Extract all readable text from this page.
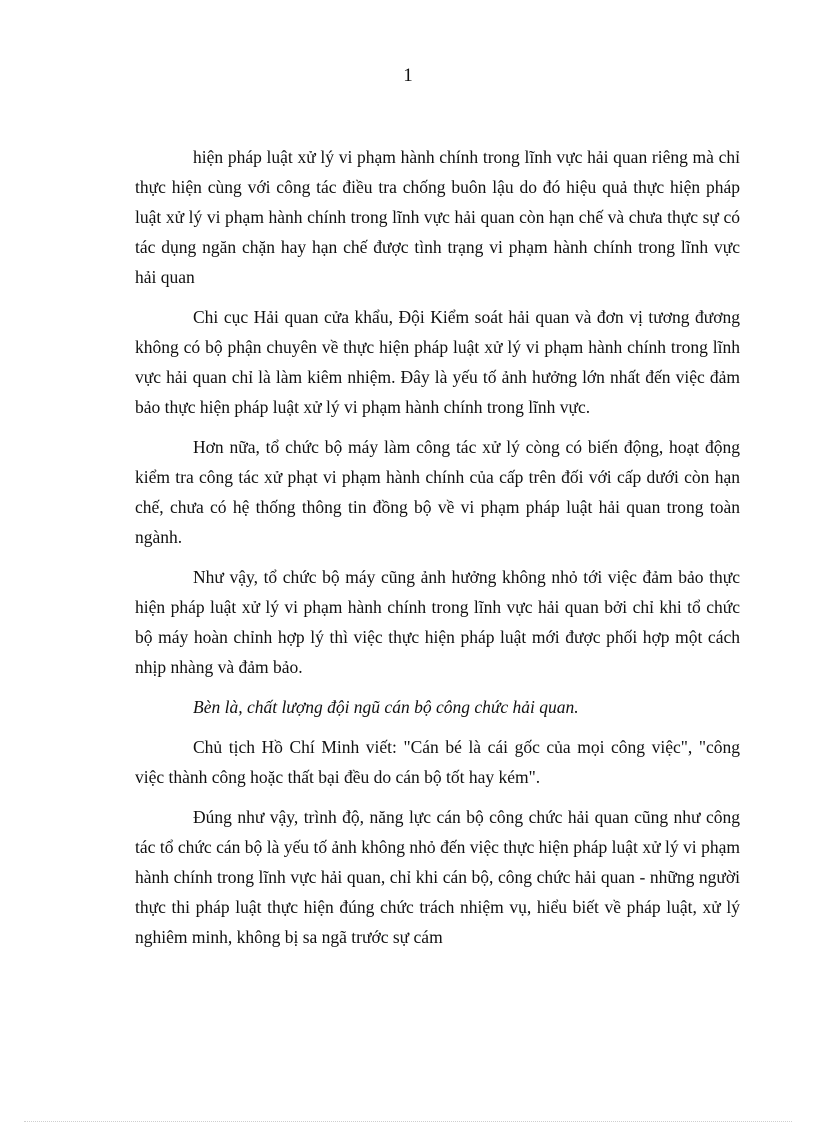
1

hiện pháp luật xử lý vi phạm hành chính trong lĩnh vực hải quan riêng mà chỉ thực hiện cùng với công tác điều tra chống buôn lậu do đó hiệu quả thực hiện pháp luật xử lý vi phạm hành chính trong lĩnh vực hải quan còn hạn chế và chưa thực sự có tác dụng ngăn chặn hay hạn chế được tình trạng vi phạm hành chính trong lĩnh vực hải quan

Chi cục Hải quan cửa khẩu, Đội Kiểm soát hải quan và đơn vị tương đương không có bộ phận chuyên về thực hiện pháp luật xử lý vi phạm hành chính trong lĩnh vực hải quan chỉ là làm kiêm nhiệm. Đây là yếu tố ảnh hưởng lớn nhất đến việc đảm bảo thực hiện pháp luật xử lý vi phạm hành chính trong lĩnh vực.

Hơn nữa, tổ chức bộ máy làm công tác xử lý còng có biến động, hoạt động kiểm tra công tác xử phạt vi phạm hành chính của cấp trên đối với cấp dưới còn hạn chế, chưa có hệ thống thông tin đồng bộ về vi phạm pháp luật hải quan trong toàn ngành.

Như vậy, tổ chức bộ máy cũng ảnh hưởng không nhỏ tới việc đảm bảo thực hiện pháp luật xử lý vi phạm hành chính trong lĩnh vực hải quan bởi chỉ khi tổ chức bộ máy hoàn chỉnh hợp lý thì việc thực hiện pháp luật mới được phối hợp một cách nhịp nhàng và đảm bảo.

Bèn là, chất lượng đội ngũ cán bộ công chức hải quan.

Chủ tịch Hồ Chí Minh viết: "Cán bé là cái gốc của mọi công việc", "công việc thành công hoặc thất bại đều do cán bộ tốt hay kém".

Đúng như vậy, trình độ, năng lực cán bộ công chức hải quan cũng như công tác tổ chức cán bộ là yếu tố ảnh không nhỏ đến việc thực hiện pháp luật xử lý vi phạm hành chính trong lĩnh vực hải quan, chỉ khi cán bộ, công chức hải quan - những người thực thi pháp luật thực hiện đúng chức trách nhiệm vụ, hiểu biết về pháp luật, xử lý nghiêm minh, không bị sa ngã trước sự cám
